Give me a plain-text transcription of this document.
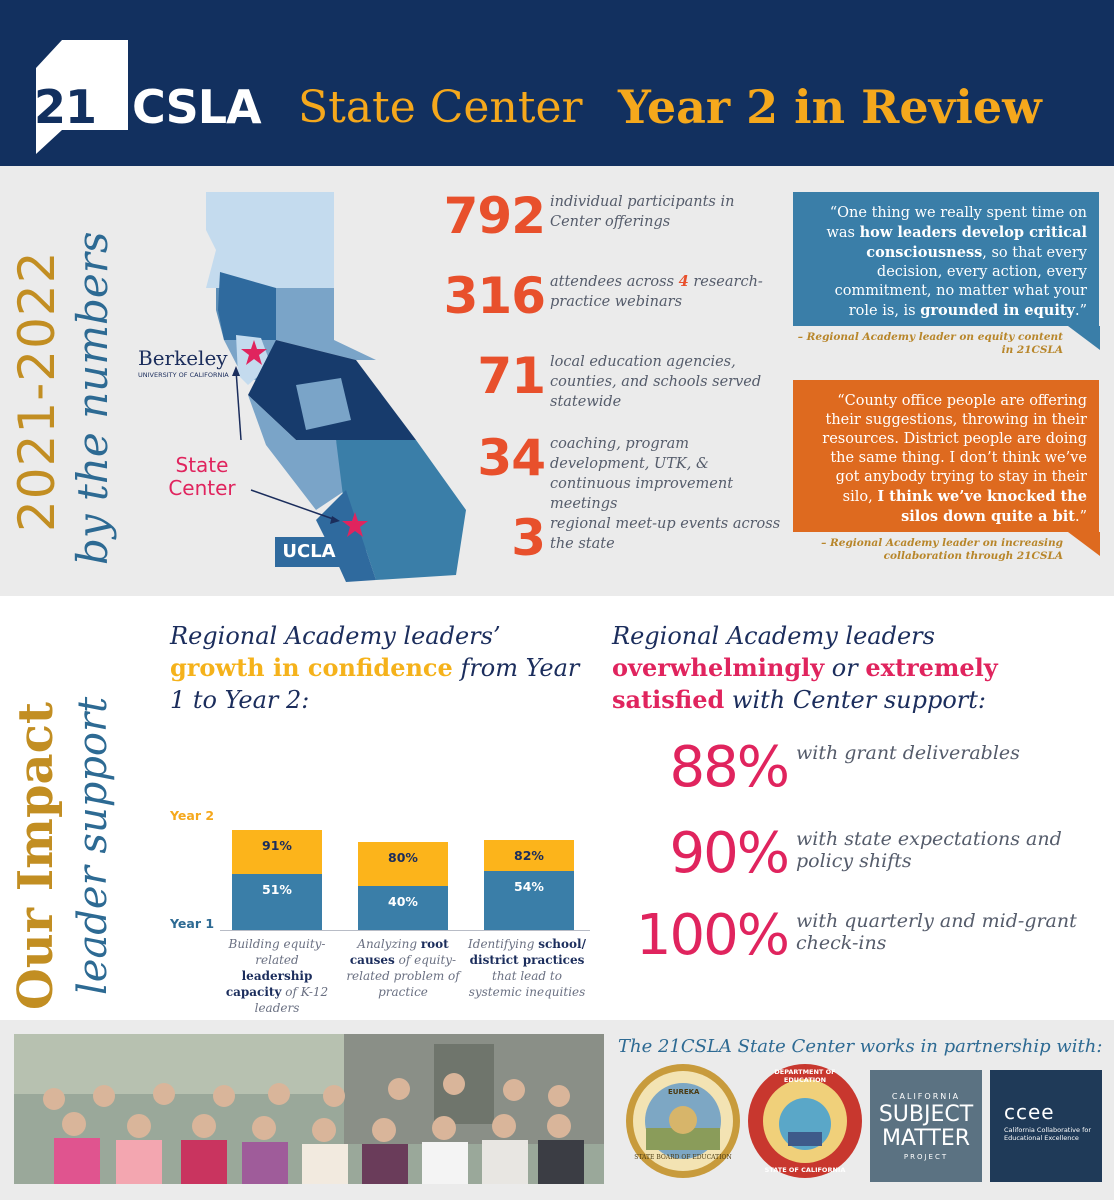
21 CSLA State Center Year 2 in Review
2021-2022 by the numbers Berkeley
UNIVERSITY OF CALIFORNIA
State Center
UCLA
792 individual participants in Center offerings
316 attendees across 4 research-practice webinars
71 local education agencies, counties, and schools served statewide
34 coaching, program development, UTK, & continuous improvement meetings
3 regional meet-up events across the state
“One thing we really spent time on was how leaders develop critical consciousness, so that every decision, every action, every commitment, no matter what your role is, is grounded in equity.”
– Regional Academy leader on equity content in 21CSLA
“County office people are offering their suggestions, throwing in their resources. District people are doing the same thing. I don’t think we’ve got anybody trying to stay in their silo, I think we’ve knocked the silos down quite a bit.”
– Regional Academy leader on increasing collaboration through 21CSLA
Our Impact leader support
Regional Academy leaders’ growth in confidence from Year 1 to Year 2:
Regional Academy leaders overwhelmingly or extremely satisfied with Center support:
Year 2
Year 1
91%
51%
80%
40%
82%
54%
Building equity-related leadership capacity of K-12 leaders
Analyzing root causes of equity-related problem of practice
Identifying school/ district practices that lead to systemic inequities
88% with grant deliverables
90% with state expectations and policy shifts
100% with quarterly and mid-grant check-ins
The 21CSLA State Center works in partnership with:
EUREKA
STATE BOARD OF EDUCATION
DEPARTMENT OF EDUCATION
STATE OF CALIFORNIA
CALIFORNIA
SUBJECT
MATTER
PROJECT
ccee
California Collaborative for Educational Excellence
